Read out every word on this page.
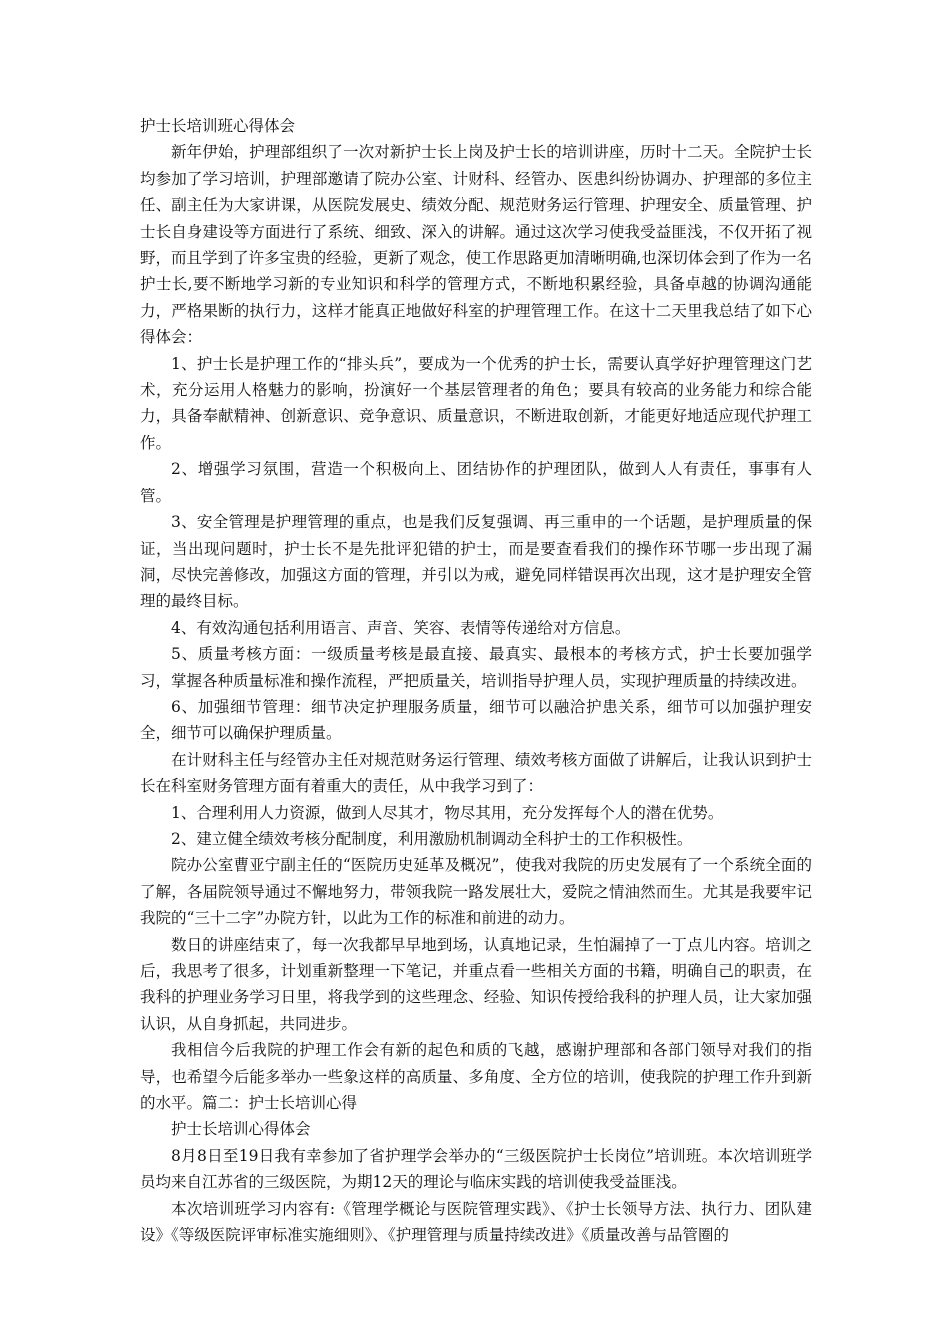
护士长培训班心得体会

新年伊始，护理部组织了一次对新护士长上岗及护士长的培训讲座，历时十二天。全院护士长均参加了学习培训，护理部邀请了院办公室、计财科、经管办、医患纠纷协调办、护理部的多位主任、副主任为大家讲课，从医院发展史、绩效分配、规范财务运行管理、护理安全、质量管理、护士长自身建设等方面进行了系统、细致、深入的讲解。通过这次学习使我受益匪浅，不仅开拓了视野，而且学到了许多宝贵的经验，更新了观念，使工作思路更加清晰明确,也深切体会到了作为一名护士长,要不断地学习新的专业知识和科学的管理方式，不断地积累经验，具备卓越的协调沟通能力，严格果断的执行力，这样才能真正地做好科室的护理管理工作。在这十二天里我总结了如下心得体会：

1、护士长是护理工作的“排头兵”，要成为一个优秀的护士长，需要认真学好护理管理这门艺术，充分运用人格魅力的影响，扮演好一个基层管理者的角色；要具有较高的业务能力和综合能力，具备奉献精神、创新意识、竞争意识、质量意识，不断进取创新，才能更好地适应现代护理工作。

2、增强学习氛围，营造一个积极向上、团结协作的护理团队，做到人人有责任，事事有人管。

3、安全管理是护理管理的重点，也是我们反复强调、再三重申的一个话题，是护理质量的保证，当出现问题时，护士长不是先批评犯错的护士，而是要查看我们的操作环节哪一步出现了漏洞，尽快完善修改，加强这方面的管理，并引以为戒，避免同样错误再次出现，这才是护理安全管理的最终目标。

4、有效沟通包括利用语言、声音、笑容、表情等传递给对方信息。

5、质量考核方面：一级质量考核是最直接、最真实、最根本的考核方式，护士长要加强学习，掌握各种质量标准和操作流程，严把质量关，培训指导护理人员，实现护理质量的持续改进。

6、加强细节管理：细节决定护理服务质量，细节可以融洽护患关系，细节可以加强护理安全，细节可以确保护理质量。

在计财科主任与经管办主任对规范财务运行管理、绩效考核方面做了讲解后，让我认识到护士长在科室财务管理方面有着重大的责任，从中我学习到了：

1、合理利用人力资源，做到人尽其才，物尽其用，充分发挥每个人的潜在优势。

2、建立健全绩效考核分配制度，利用激励机制调动全科护士的工作积极性。

院办公室曹亚宁副主任的“医院历史延革及概况”，使我对我院的历史发展有了一个系统全面的了解，各届院领导通过不懈地努力，带领我院一路发展壮大，爱院之情油然而生。尤其是我要牢记我院的“三十二字”办院方针，以此为工作的标准和前进的动力。

数日的讲座结束了，每一次我都早早地到场，认真地记录，生怕漏掉了一丁点儿内容。培训之后，我思考了很多，计划重新整理一下笔记，并重点看一些相关方面的书籍，明确自己的职责，在我科的护理业务学习日里，将我学到的这些理念、经验、知识传授给我科的护理人员，让大家加强认识，从自身抓起，共同进步。

我相信今后我院的护理工作会有新的起色和质的飞越，感谢护理部和各部门领导对我们的指导，也希望今后能多举办一些象这样的高质量、多角度、全方位的培训，使我院的护理工作升到新的水平。篇二：护士长培训心得

护士长培训心得体会

8月8日至19日我有幸参加了省护理学会举办的“三级医院护士长岗位”培训班。本次培训班学员均来自江苏省的三级医院，为期12天的理论与临床实践的培训使我受益匪浅。

本次培训班学习内容有:《管理学概论与医院管理实践》、《护士长领导方法、执行力、团队建设》《等级医院评审标准实施细则》、《护理管理与质量持续改进》《质量改善与品管圈的
